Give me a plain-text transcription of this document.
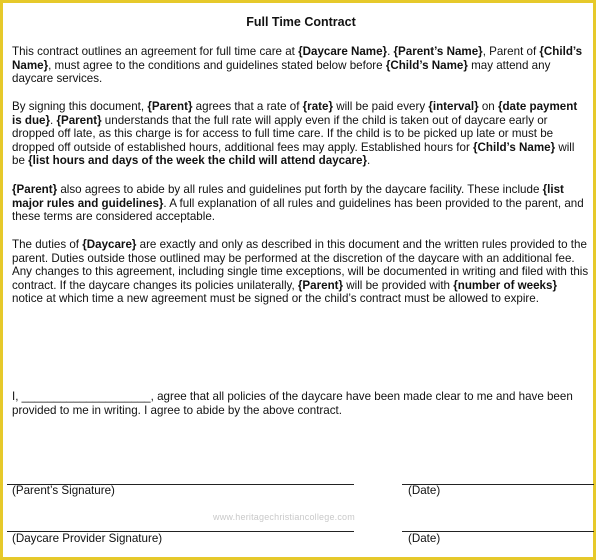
Full Time Contract

This contract outlines an agreement for full time care at {Daycare Name}. {Parent’s Name}, Parent of {Child’s Name}, must agree to the conditions and guidelines stated below before {Child’s Name} may attend any daycare services.

By signing this document, {Parent} agrees that a rate of {rate} will be paid every {interval} on {date payment is due}. {Parent} understands that the full rate will apply even if the child is taken out of daycare early or dropped off late, as this charge is for access to full time care. If the child is to be picked up late or must be dropped off outside of established hours, additional fees may apply. Established hours for {Child’s Name} will be {list hours and days of the week the child will attend daycare}.

{Parent} also agrees to abide by all rules and guidelines put forth by the daycare facility. These include {list major rules and guidelines}. A full explanation of all rules and guidelines has been provided to the parent, and these terms are considered acceptable.

The duties of {Daycare} are exactly and only as described in this document and the written rules provided to the parent. Duties outside those outlined may be performed at the discretion of the daycare with an additional fee. Any changes to this agreement, including single time exceptions, will be documented in writing and filed with this contract. If the daycare changes its policies unilaterally, {Parent} will be provided with {number of weeks} notice at which time a new agreement must be signed or the child’s contract must be allowed to expire.

I, ____________________, agree that all policies of the daycare have been made clear to me and have been provided to me in writing. I agree to abide by the above contract.

(Parent’s Signature)	(Date)
www.heritagechristiancollege.com
(Daycare Provider Signature)	(Date)
